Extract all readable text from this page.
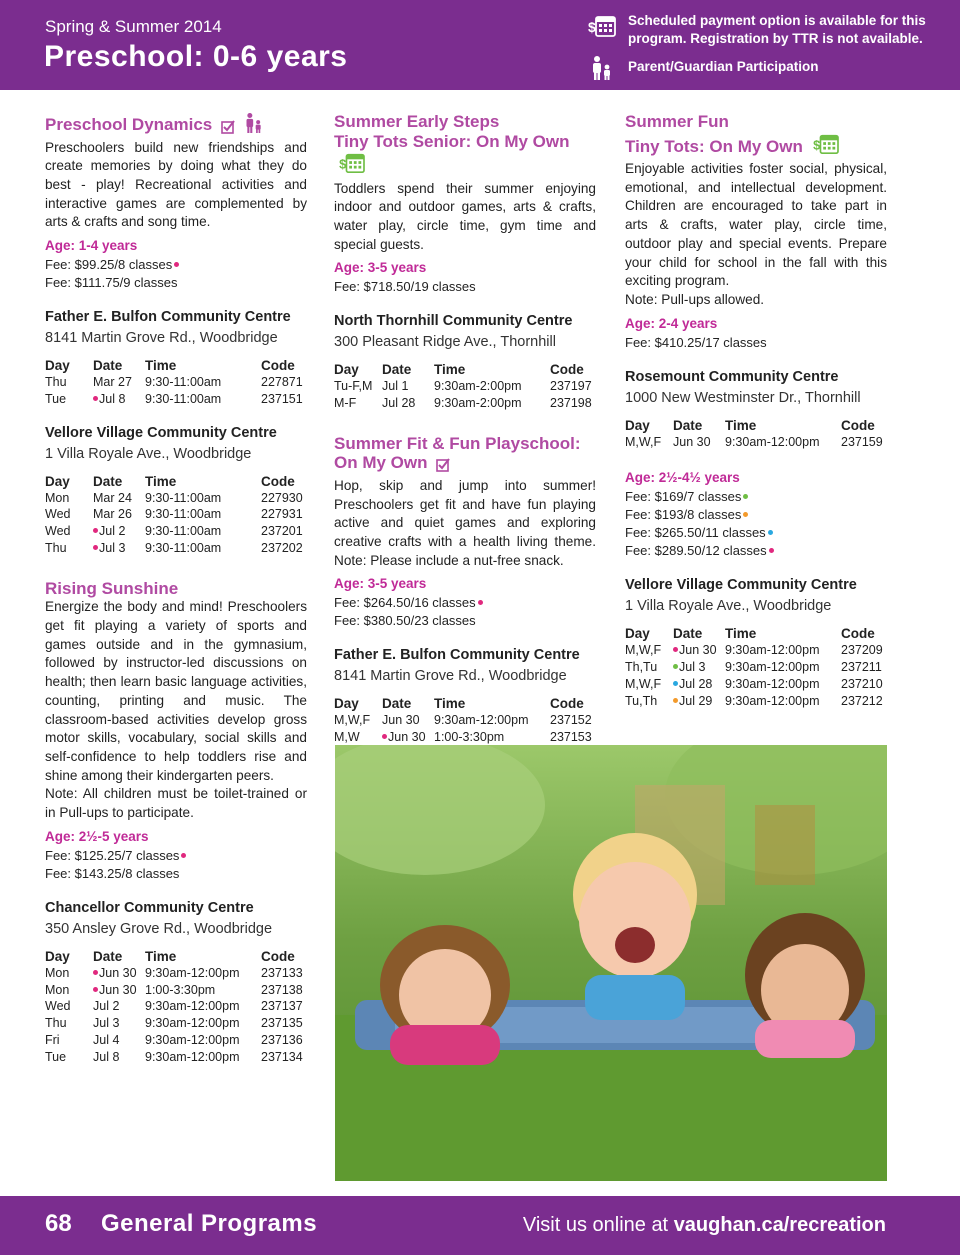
Spring & Summer 2014
Preschool: 0-6 years
$ Scheduled payment option is available for this program. Registration by TTR is not available.
Parent/Guardian Participation
Preschool Dynamics
Preschoolers build new friendships and create memories by doing what they do best - play! Recreational activities and interactive games are complemented by arts & crafts and song time.
Age: 1-4 years
Fee: $99.25/8 classes
Fee: $111.75/9 classes
Father E. Bulfon Community Centre
8141 Martin Grove Rd., Woodbridge
Day	Date	Time	Code
Thu	Mar 27	9:30-11:00am	227871
Tue	Jul 8	9:30-11:00am	237151
Vellore Village Community Centre
1 Villa Royale Ave., Woodbridge
Day	Date	Time	Code
Mon	Mar 24	9:30-11:00am	227930
Wed	Mar 26	9:30-11:00am	227931
Wed	Jul 2	9:30-11:00am	237201
Thu	Jul 3	9:30-11:00am	237202
Rising Sunshine
Energize the body and mind! Preschoolers get fit playing a variety of sports and games outside and in the gymnasium, followed by instructor-led discussions on health; then learn basic language activities, counting, printing and music. The classroom-based activities develop gross motor skills, vocabulary, social skills and self-confidence to help toddlers rise and shine among their kindergarten peers.
Note: All children must be toilet-trained or in Pull-ups to participate.
Age: 2½-5 years
Fee: $125.25/7 classes
Fee: $143.25/8 classes
Chancellor Community Centre
350 Ansley Grove Rd., Woodbridge
Day	Date	Time	Code
Mon	Jun 30	9:30am-12:00pm	237133
Mon	Jun 30	1:00-3:30pm	237138
Wed	Jul 2	9:30am-12:00pm	237137
Thu	Jul 3	9:30am-12:00pm	237135
Fri	Jul 4	9:30am-12:00pm	237136
Tue	Jul 8	9:30am-12:00pm	237134
Summer Early Steps
Tiny Tots Senior: On My Own
$
Toddlers spend their summer enjoying indoor and outdoor games, arts & crafts, water play, circle time, gym time and special guests.
Age: 3-5 years
Fee: $718.50/19 classes
North Thornhill Community Centre
300 Pleasant Ridge Ave., Thornhill
Day	Date	Time	Code
Tu-F,M	Jul 1	9:30am-2:00pm	237197
M-F	Jul 28	9:30am-2:00pm	237198
Summer Fit & Fun Playschool:
On My Own
Hop, skip and jump into summer! Preschoolers get fit and have fun playing active and quiet games and exploring creative crafts with a health living theme. Note: Please include a nut-free snack.
Age: 3-5 years
Fee: $264.50/16 classes
Fee: $380.50/23 classes
Father E. Bulfon Community Centre
8141 Martin Grove Rd., Woodbridge
Day	Date	Time	Code
M,W,F	Jun 30	9:30am-12:00pm	237152
M,W	Jun 30	1:00-3:30pm	237153
Summer Fun
Tiny Tots: On My Own $
Enjoyable activities foster social, physical, emotional, and intellectual development. Children are encouraged to take part in arts & crafts, water play, circle time, outdoor play and special events. Prepare your child for school in the fall with this exciting program.
Note: Pull-ups allowed.
Age: 2-4 years
Fee: $410.25/17 classes
Rosemount Community Centre
1000 New Westminster Dr., Thornhill
Day	Date	Time	Code
M,W,F	Jun 30	9:30am-12:00pm	237159
Age: 2½-4½ years
Fee: $169/7 classes
Fee: $193/8 classes
Fee: $265.50/11 classes
Fee: $289.50/12 classes
Vellore Village Community Centre
1 Villa Royale Ave., Woodbridge
Day	Date	Time	Code
M,W,F	Jun 30	9:30am-12:00pm	237209
Th,Tu	Jul 3	9:30am-12:00pm	237211
M,W,F	Jul 28	9:30am-12:00pm	237210
Tu,Th	Jul 29	9:30am-12:00pm	237212
68 General Programs	Visit us online at vaughan.ca/recreation
